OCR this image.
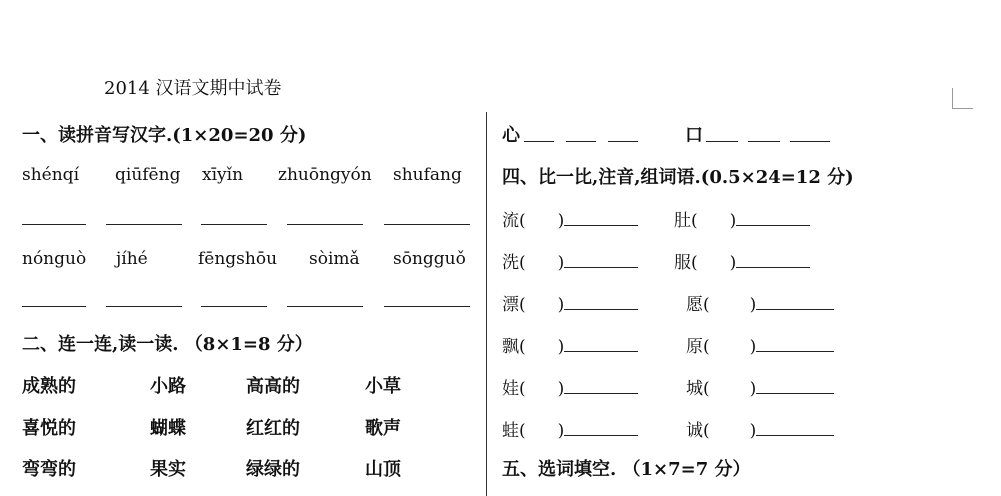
2014 汉语文期中试卷
一、读拼音写汉字.(1×20=20 分)
shénqí qiūfēng xīyǐn zhuōngyón shufang
nónguò jíhé	fēngshōu sòimǎ sōngguǒ
二、连一连,读一读. （8×1=8 分）
成熟的	小路	高高的	小草
喜悦的	蝴蝶	红红的	歌声
弯弯的	果实	绿绿的	山顶
心	口
四、比一比,注音,组词语.(0.5×24=12 分)
流( )	肚( )
洗( )	服( )
漂( )	愿( )
飘( )	原( )
娃( )	城( )
蛙( )	诚( )
五、选词填空. （1×7=7 分）
